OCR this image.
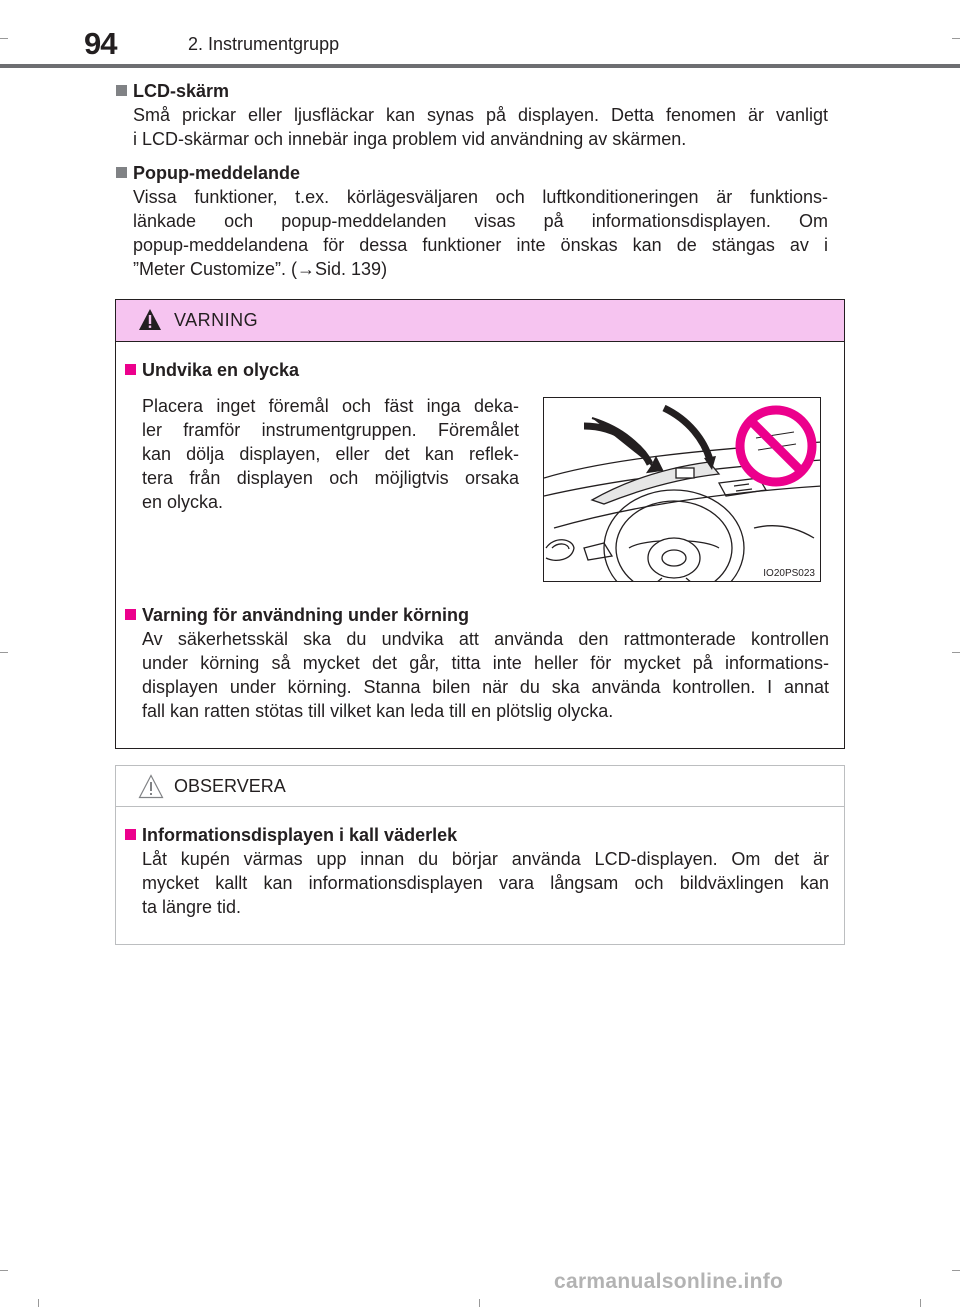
94	2. Instrumentgrupp
LCD-skärm
Små prickar eller ljusfläckar kan synas på displayen. Detta fenomen är vanligt
i LCD-skärmar och innebär inga problem vid användning av skärmen.
Popup-meddelande
Vissa funktioner, t.ex. körlägesväljaren och luftkonditioneringen är funktions-
länkade och popup-meddelanden visas på informationsdisplayen. Om
popup-meddelandena för dessa funktioner inte önskas kan de stängas av i
”Meter Customize”. (→Sid. 139)
VARNING
Undvika en olycka
Placera inget föremål och fäst inga deka-
ler framför instrumentgruppen. Föremålet
kan dölja displayen, eller det kan reflek-
tera från displayen och möjligtvis orsaka
en olycka.
IO20PS023
Varning för användning under körning
Av säkerhetsskäl ska du undvika att använda den rattmonterade kontrollen
under körning så mycket det går, titta inte heller för mycket på informations-
displayen under körning. Stanna bilen när du ska använda kontrollen. I annat
fall kan ratten stötas till vilket kan leda till en plötslig olycka.
OBSERVERA
Informationsdisplayen i kall väderlek
Låt kupén värmas upp innan du börjar använda LCD-displayen. Om det är
mycket kallt kan informationsdisplayen vara långsam och bildväxlingen kan
ta längre tid.
carmanualsonline.info
